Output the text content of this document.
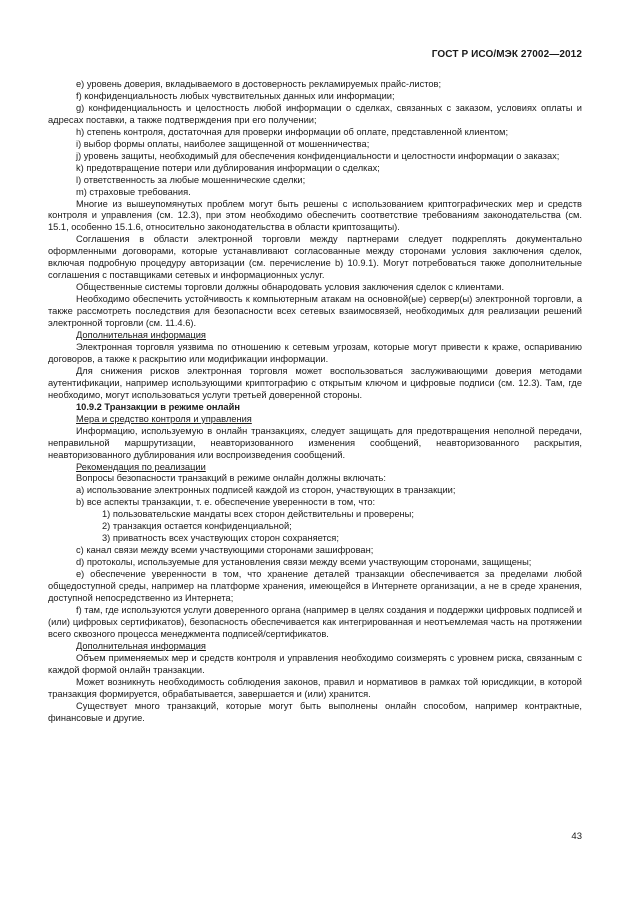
ГОСТ Р ИСО/МЭК 27002—2012

e) уровень доверия, вкладываемого в достоверность рекламируемых прайс-листов;

f) конфиденциальность любых чувствительных данных или информации;

g) конфиденциальность и целостность любой информации о сделках, связанных с заказом, условиях оплаты и адресах поставки, а также подтверждения при его получении;

h) степень контроля, достаточная для проверки информации об оплате, представленной клиентом;

i) выбор формы оплаты, наиболее защищенной от мошенничества;

j) уровень защиты, необходимый для обеспечения конфиденциальности и целостности информации о заказах;

k) предотвращение потери или дублирования информации о сделках;

l) ответственность за любые мошеннические сделки;

m) страховые требования.

Многие из вышеупомянутых проблем могут быть решены с использованием криптографических мер и средств контроля и управления (см. 12.3), при этом необходимо обеспечить соответствие требованиям законодательства (см. 15.1, особенно 15.1.6, относительно законодательства в области криптозащиты).

Соглашения в области электронной торговли между партнерами следует подкреплять документально оформленными договорами, которые устанавливают согласованные между сторонами условия заключения сделок, включая подробную процедуру авторизации (см. перечисление b) 10.9.1). Могут потребоваться также дополнительные соглашения с поставщиками сетевых и информационных услуг.

Общественные системы торговли должны обнародовать условия заключения сделок с клиентами.

Необходимо обеспечить устойчивость к компьютерным атакам на основной(ые) сервер(ы) электронной торговли, а также рассмотреть последствия для безопасности всех сетевых взаимосвязей, необходимых для реализации решений электронной торговли (см. 11.4.6).

Дополнительная информация

Электронная торговля уязвима по отношению к сетевым угрозам, которые могут привести к краже, оспариванию договоров, а также к раскрытию или модификации информации.

Для снижения рисков электронная торговля может воспользоваться заслуживающими доверия методами аутентификации, например использующими криптографию с открытым ключом и цифровые подписи (см. 12.3). Там, где необходимо, могут использоваться услуги третьей доверенной стороны.

10.9.2 Транзакции в режиме онлайн

Мера и средство контроля и управления

Информацию, используемую в онлайн транзакциях, следует защищать для предотвращения неполной передачи, неправильной маршрутизации, неавторизованного изменения сообщений, неавторизованного раскрытия, неавторизованного дублирования или воспроизведения сообщений.

Рекомендация по реализации

Вопросы безопасности транзакций в режиме онлайн должны включать:

а) использование электронных подписей каждой из сторон, участвующих в транзакции;

b) все аспекты транзакции, т. е. обеспечение уверенности в том, что:

1) пользовательские мандаты всех сторон действительны и проверены;

2) транзакция остается конфиденциальной;

3) приватность всех участвующих сторон сохраняется;

c) канал связи между всеми участвующими сторонами зашифрован;

d) протоколы, используемые для установления связи между всеми участвующим сторонами, защищены;

e) обеспечение уверенности в том, что хранение деталей транзакции обеспечивается за пределами любой общедоступной среды, например на платформе хранения, имеющейся в Интернете организации, а не в среде хранения, доступной непосредственно из Интернета;

f) там, где используются услуги доверенного органа (например в целях создания и поддержки цифровых подписей и (или) цифровых сертификатов), безопасность обеспечивается как интегрированная и неотъемлемая часть на протяжении всего сквозного процесса менеджмента подписей/сертификатов.

Дополнительная информация

Объем применяемых мер и средств контроля и управления необходимо соизмерять с уровнем риска, связанным с каждой формой онлайн транзакции.

Может возникнуть необходимость соблюдения законов, правил и нормативов в рамках той юрисдикции, в которой транзакция формируется, обрабатывается, завершается и (или) хранится.

Существует много транзакций, которые могут быть выполнены онлайн способом, например контрактные, финансовые и другие.

43
